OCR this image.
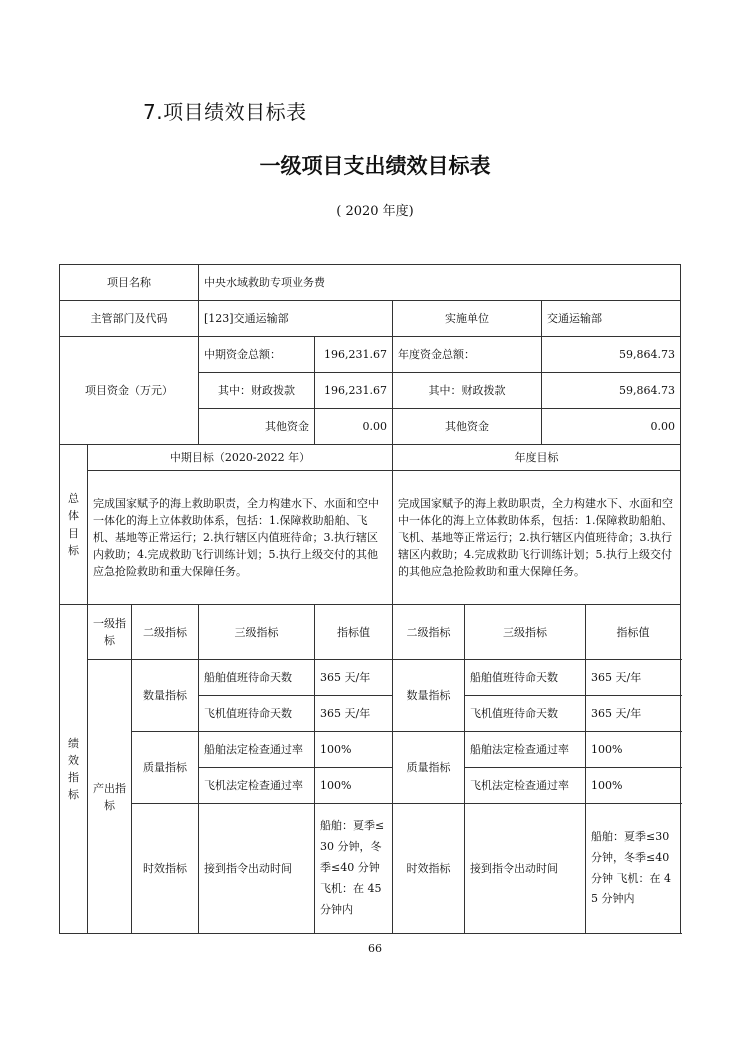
7.项目绩效目标表
一级项目支出绩效目标表
( 2020 年度)
项目名称			中央水域救助专项业务费					
主管部门及代码			[123]交通运输部		实施单位		交通运输部	
项目资金（万元）			中期资金总额：	196,231.67	年度资金总额：		59,864.73	
			其中：财政拨款	196,231.67	其中：财政拨款		59,864.73	
			其他资金	0.00	其他资金		0.00	
总体目标	中期目标（2020-2022 年）				年度目标			
	完成国家赋予的海上救助职责，全力构建水下、水面和空中一体化的海上立体救助体系，包括：1.保障救助船舶、飞机、基地等正常运行；2.执行辖区内值班待命；3.执行辖区内救助；4.完成救助飞行训练计划；5.执行上级交付的其他应急抢险救助和重大保障任务。				完成国家赋予的海上救助职责，全力构建水下、水面和空中一体化的海上立体救助体系，包括：1.保障救助船舶、飞机、基地等正常运行；2.执行辖区内值班待命；3.执行辖区内救助；4.完成救助飞行训练计划；5.执行上级交付的其他应急抢险救助和重大保障任务。			
绩效指标	一级指标	二级指标	三级指标	指标值	二级指标	三级指标		指标值
	产出指标	数量指标	船舶值班待命天数	365 天/年	数量指标	船舶值班待命天数		365 天/年
			飞机值班待命天数	365 天/年		飞机值班待命天数		365 天/年
		质量指标	船舶法定检查通过率	100%	质量指标	船舶法定检查通过率		100%
			飞机法定检查通过率	100%		飞机法定检查通过率		100%
		时效指标	接到指令出动时间	船舶：夏季≤30 分钟，冬季≤40 分钟 飞机：在 45 分钟内	时效指标	接到指令出动时间		船舶：夏季≤30 分钟，冬季≤40 分钟 飞机：在 45 分钟内
66
